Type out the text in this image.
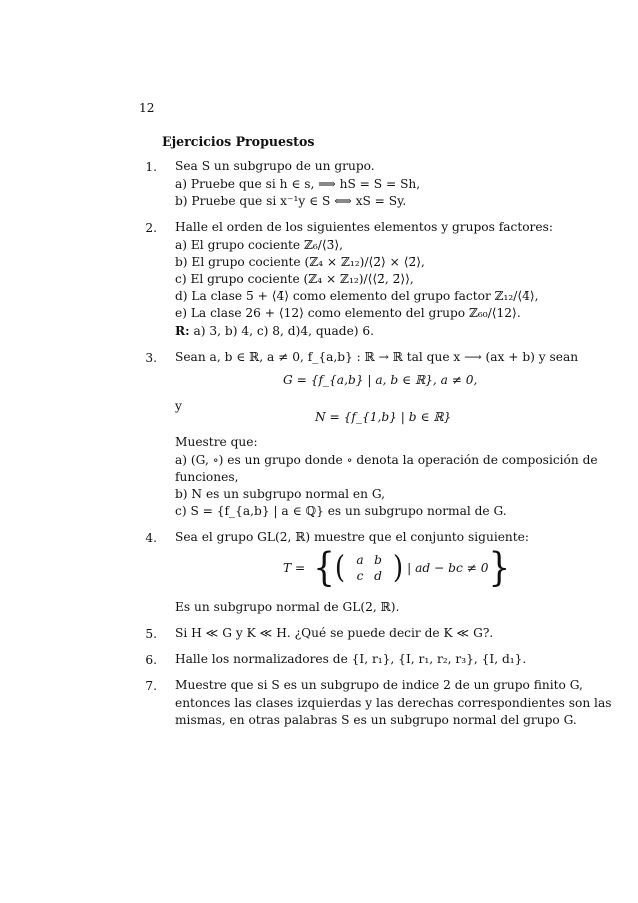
12
Ejercicios Propuestos
1. Sea S un subgrupo de un grupo.
a) Pruebe que si h ∈ s, ⟹ hS = S = Sh,
b) Pruebe que si x⁻¹y ∈ S ⟺ xS = Sy.
2. Halle el orden de los siguientes elementos y grupos factores:
a) El grupo cociente ℤ₆/⟨3̄⟩,
b) El grupo cociente (ℤ₄ × ℤ₁₂)/⟨2̄⟩ × ⟨2̄⟩,
c) El grupo cociente (ℤ₄ × ℤ₁₂)/⟨⟨2̄, 2̄⟩⟩,
d) La clase 5̄ + ⟨4̄⟩ como elemento del grupo factor ℤ₁₂/⟨4̄⟩,
e) La clase 26 + ⟨12⟩ como elemento del grupo ℤ₆₀/⟨12⟩.
R: a) 3, b) 4, c) 8, d)4, quade) 6.
3. Sean a, b ∈ ℝ, a ≠ 0, f_{a,b} : ℝ → ℝ tal que x ⟶ (ax + b) y sean
G = {f_{a,b} | a, b ∈ ℝ}, a ≠ 0,
y
N = {f_{1,b} | b ∈ ℝ}
Muestre que:
a) (G, ∘) es un grupo donde ∘ denota la operación de composición de
funciones,
b) N es un subgrupo normal en G,
c) S = {f_{a,b} | a ∈ ℚ} es un subgrupo normal de G.
4. Sea el grupo GL(2, ℝ) muestre que el conjunto siguiente:
T = { ( a b
c d ) | ad − bc ≠ 0 }
Es un subgrupo normal de GL(2, ℝ).
5. Si H ≪ G y K ≪ H. ¿Qué se puede decir de K ≪ G?.
6. Halle los normalizadores de {I, r₁}, {I, r₁, r₂, r₃}, {I, d₁}.
7. Muestre que si S es un subgrupo de indice 2 de un grupo finito G,
entonces las clases izquierdas y las derechas correspondientes son las
mismas, en otras palabras S es un subgrupo normal del grupo G.
